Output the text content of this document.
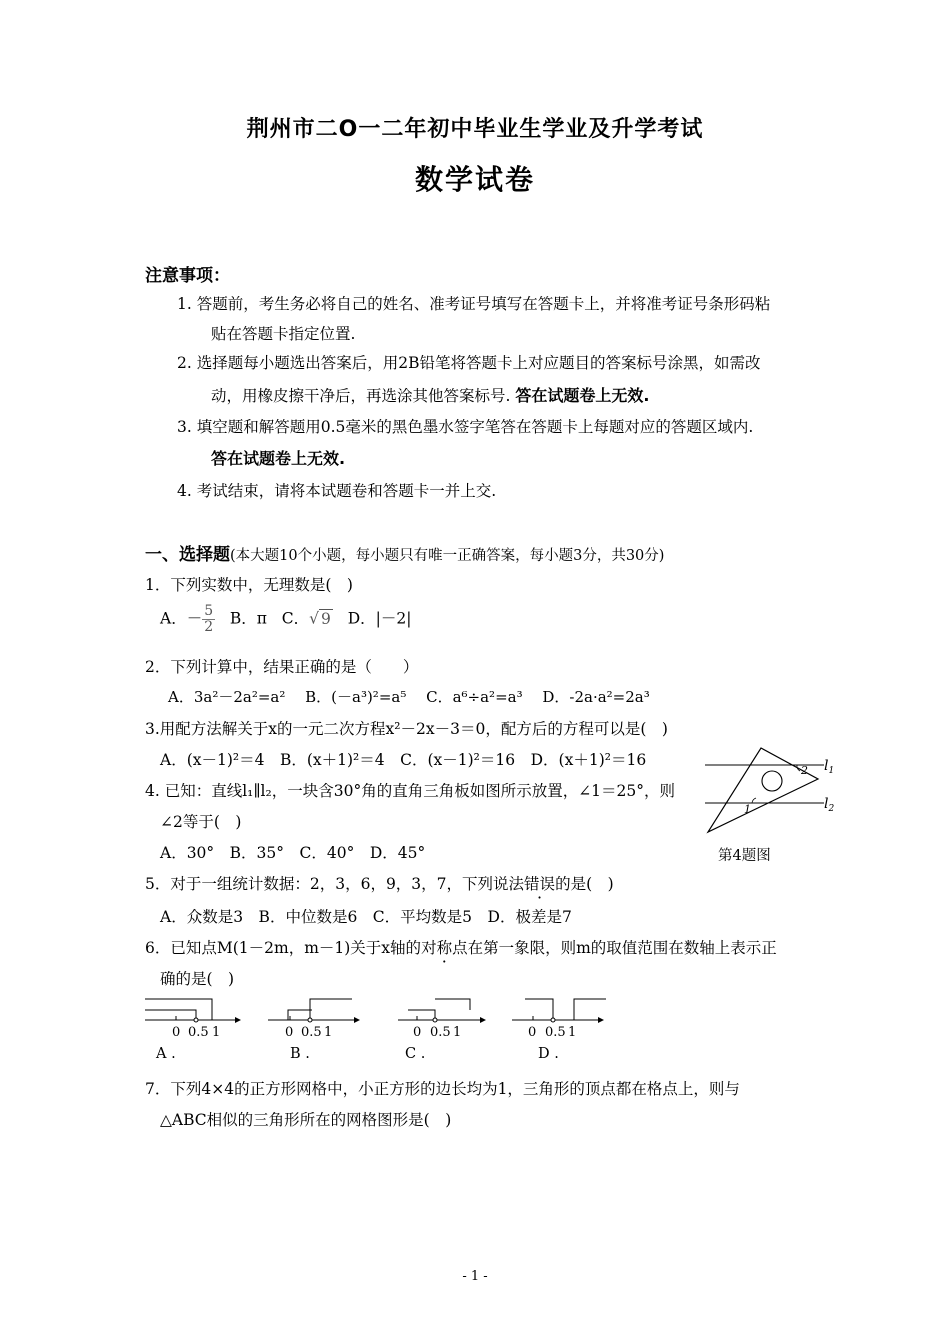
荆州市二O一二年初中毕业生学业及升学考试
数学试卷
注意事项：
1. 答题前，考生务必将自己的姓名、准考证号填写在答题卡上，并将准考证号条形码粘
贴在答题卡指定位置.
2. 选择题每小题选出答案后，用2B铅笔将答题卡上对应题目的答案标号涂黑，如需改
动，用橡皮擦干净后，再选涂其他答案标号. 答在试题卷上无效.
3. 填空题和解答题用0.5毫米的黑色墨水签字笔答在答题卡上每题对应的答题区域内.
答在试题卷上无效.
4. 考试结束，请将本试题卷和答题卡一并上交.
一、选择题(本大题10个小题，每小题只有唯一正确答案，每小题3分，共30分)
1．下列实数中，无理数是(　)
A．－ $\frac{5}{2}$ B．π C．√ 9 D．|－2|
2．下列计算中，结果正确的是（　　）
A．3a²－2a²=a²　 B．(－a³)²=a⁵　 C．a⁶÷a²=a³　 D．-2a·a²=2a³
3.用配方法解关于x的一元二次方程x²－2x－3＝0，配方后的方程可以是(　)
A．(x－1)²＝4　B．(x＋1)²＝4　C．(x－1)²＝16　D．(x＋1)²＝16
4. 已知：直线l₁∥l₂，一块含30°角的直角三角板如图所示放置，∠1＝25°，则
∠2等于(　)
A．30°　B．35°　C．40°　D．45°
2
1
$l_1$
$l_2$
第4题图
5．对于一组统计数据：2，3，6，9，3，7，下列说法错误的是(　)
A．众数是3　B．中位数是6　C．平均数是5　D．极差是7
6．已知点M(1－2m，m－1)关于x轴的对称点在第一象限，则m的取值范围在数轴上表示正
确的是(　)
0 0.5 1	0 0.5 1	0 0.5 1	0 0.5 1
A .	B .	C .	D .
7．下列4×4的正方形网格中，小正方形的边长均为1，三角形的顶点都在格点上，则与
△ABC相似的三角形所在的网格图形是(　)
- 1 -
